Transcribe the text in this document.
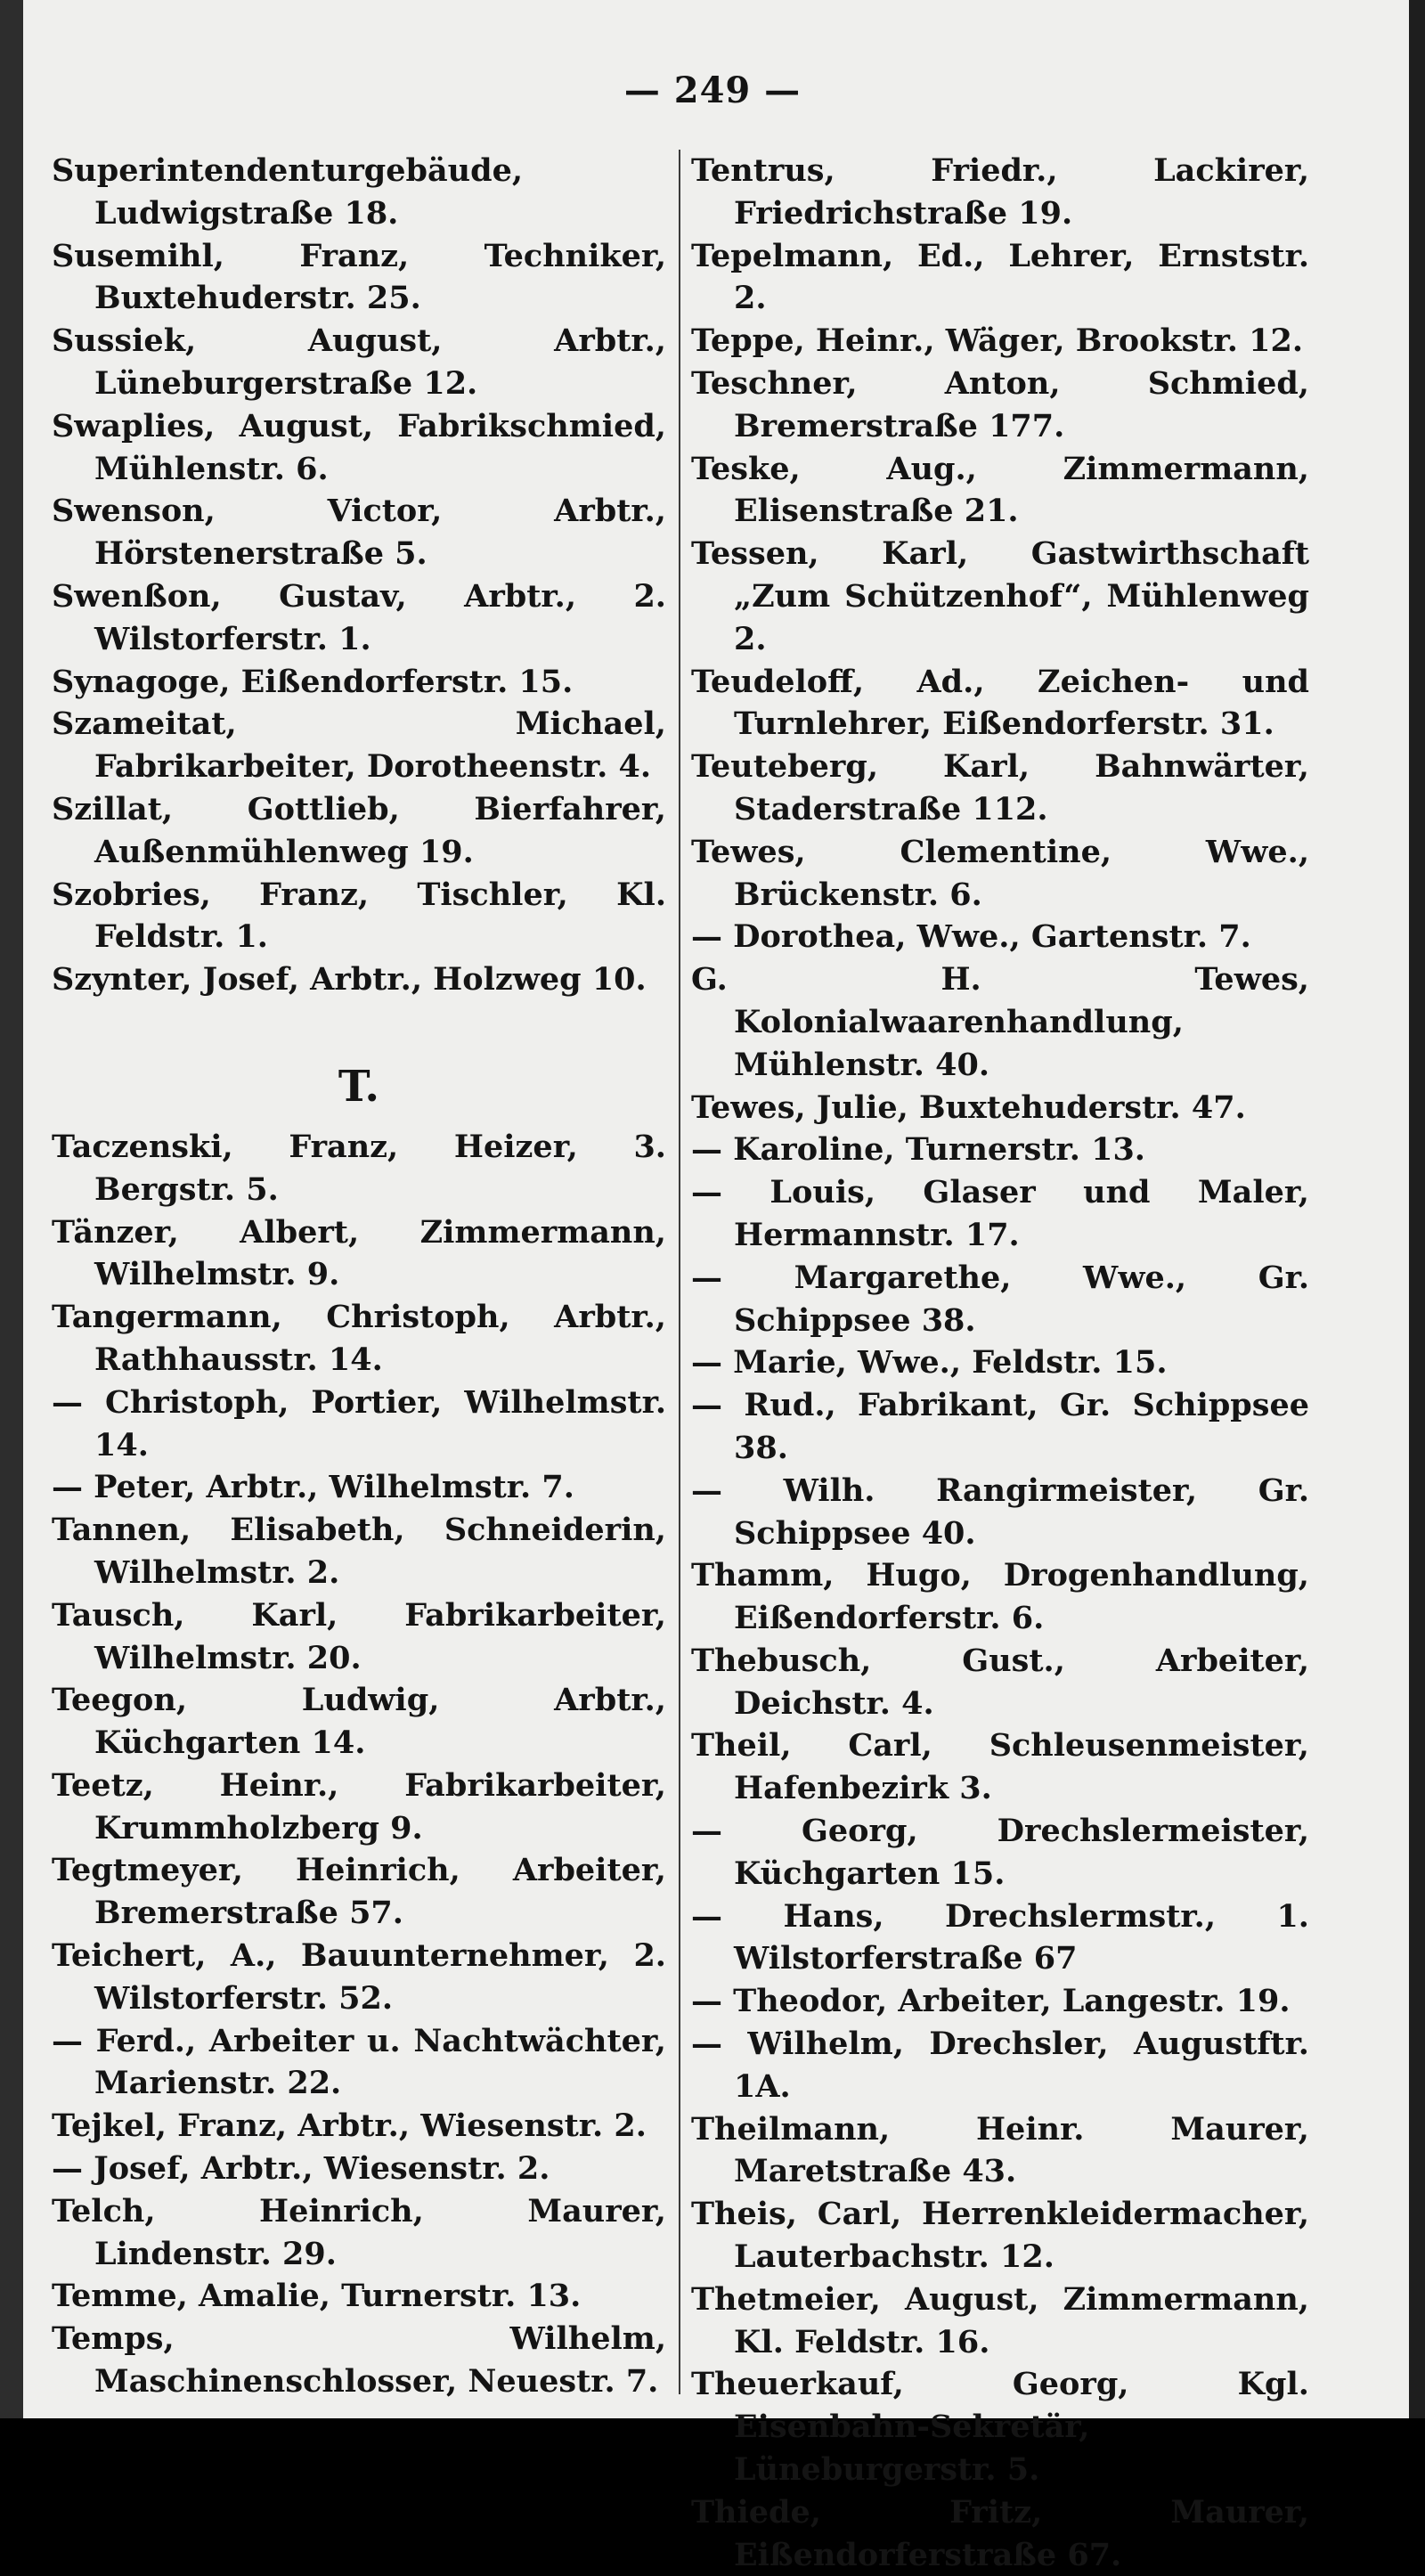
— 249 —
Superintendenturgebäude, Ludwigstraße 18.
Susemihl, Franz, Techniker, Buxtehuderstr. 25.
Sussiek, August, Arbtr., Lüneburgerstraße 12.
Swaplies, August, Fabrikschmied, Mühlenstr. 6.
Swenson, Victor, Arbtr., Hörstenerstraße 5.
Swenßon, Gustav, Arbtr., 2. Wilstorferstr. 1.
Synagoge, Eißendorferstr. 15.
Szameitat, Michael, Fabrikarbeiter, Dorotheenstr. 4.
Szillat, Gottlieb, Bierfahrer, Außenmühlenweg 19.
Szobries, Franz, Tischler, Kl. Feldstr. 1.
Szynter, Josef, Arbtr., Holzweg 10.
T.
Taczenski, Franz, Heizer, 3. Bergstr. 5.
Tänzer, Albert, Zimmermann, Wilhelmstr. 9.
Tangermann, Christoph, Arbtr., Rathhausstr. 14.
— Christoph, Portier, Wilhelmstr. 14.
— Peter, Arbtr., Wilhelmstr. 7.
Tannen, Elisabeth, Schneiderin, Wilhelmstr. 2.
Tausch, Karl, Fabrikarbeiter, Wilhelmstr. 20.
Teegon, Ludwig, Arbtr., Küchgarten 14.
Teetz, Heinr., Fabrikarbeiter, Krummholzberg 9.
Tegtmeyer, Heinrich, Arbeiter, Bremerstraße 57.
Teichert, A., Bauunternehmer, 2. Wilstorferstr. 52.
— Ferd., Arbeiter u. Nachtwächter, Marienstr. 22.
Tejkel, Franz, Arbtr., Wiesenstr. 2.
— Josef, Arbtr., Wiesenstr. 2.
Telch, Heinrich, Maurer, Lindenstr. 29.
Temme, Amalie, Turnerstr. 13.
Temps, Wilhelm, Maschinenschlosser, Neuestr. 7.
Tentrus, Friedr., Lackirer, Friedrichstraße 19.
Tepelmann, Ed., Lehrer, Ernststr. 2.
Teppe, Heinr., Wäger, Brookstr. 12.
Teschner, Anton, Schmied, Bremerstraße 177.
Teske, Aug., Zimmermann, Elisenstraße 21.
Tessen, Karl, Gastwirthschaft „Zum Schützenhof“, Mühlenweg 2.
Teudeloff, Ad., Zeichen- und Turnlehrer, Eißendorferstr. 31.
Teuteberg, Karl, Bahnwärter, Staderstraße 112.
Tewes, Clementine, Wwe., Brückenstr. 6.
— Dorothea, Wwe., Gartenstr. 7.
G. H. Tewes, Kolonialwaarenhandlung, Mühlenstr. 40.
Tewes, Julie, Buxtehuderstr. 47.
— Karoline, Turnerstr. 13.
— Louis, Glaser und Maler, Hermannstr. 17.
— Margarethe, Wwe., Gr. Schippsee 38.
— Marie, Wwe., Feldstr. 15.
— Rud., Fabrikant, Gr. Schippsee 38.
— Wilh. Rangirmeister, Gr. Schippsee 40.
Thamm, Hugo, Drogenhandlung, Eißendorferstr. 6.
Thebusch, Gust., Arbeiter, Deichstr. 4.
Theil, Carl, Schleusenmeister, Hafenbezirk 3.
— Georg, Drechslermeister, Küchgarten 15.
— Hans, Drechslermstr., 1. Wilstorferstraße 67
— Theodor, Arbeiter, Langestr. 19.
— Wilhelm, Drechsler, Augustftr. 1A.
Theilmann, Heinr. Maurer, Maretstraße 43.
Theis, Carl, Herrenkleidermacher, Lauterbachstr. 12.
Thetmeier, August, Zimmermann, Kl. Feldstr. 16.
Theuerkauf, Georg, Kgl. Eisenbahn-Sekretär, Lüneburgerstr. 5.
Thiede, Fritz, Maurer, Eißendorferstraße 67.
